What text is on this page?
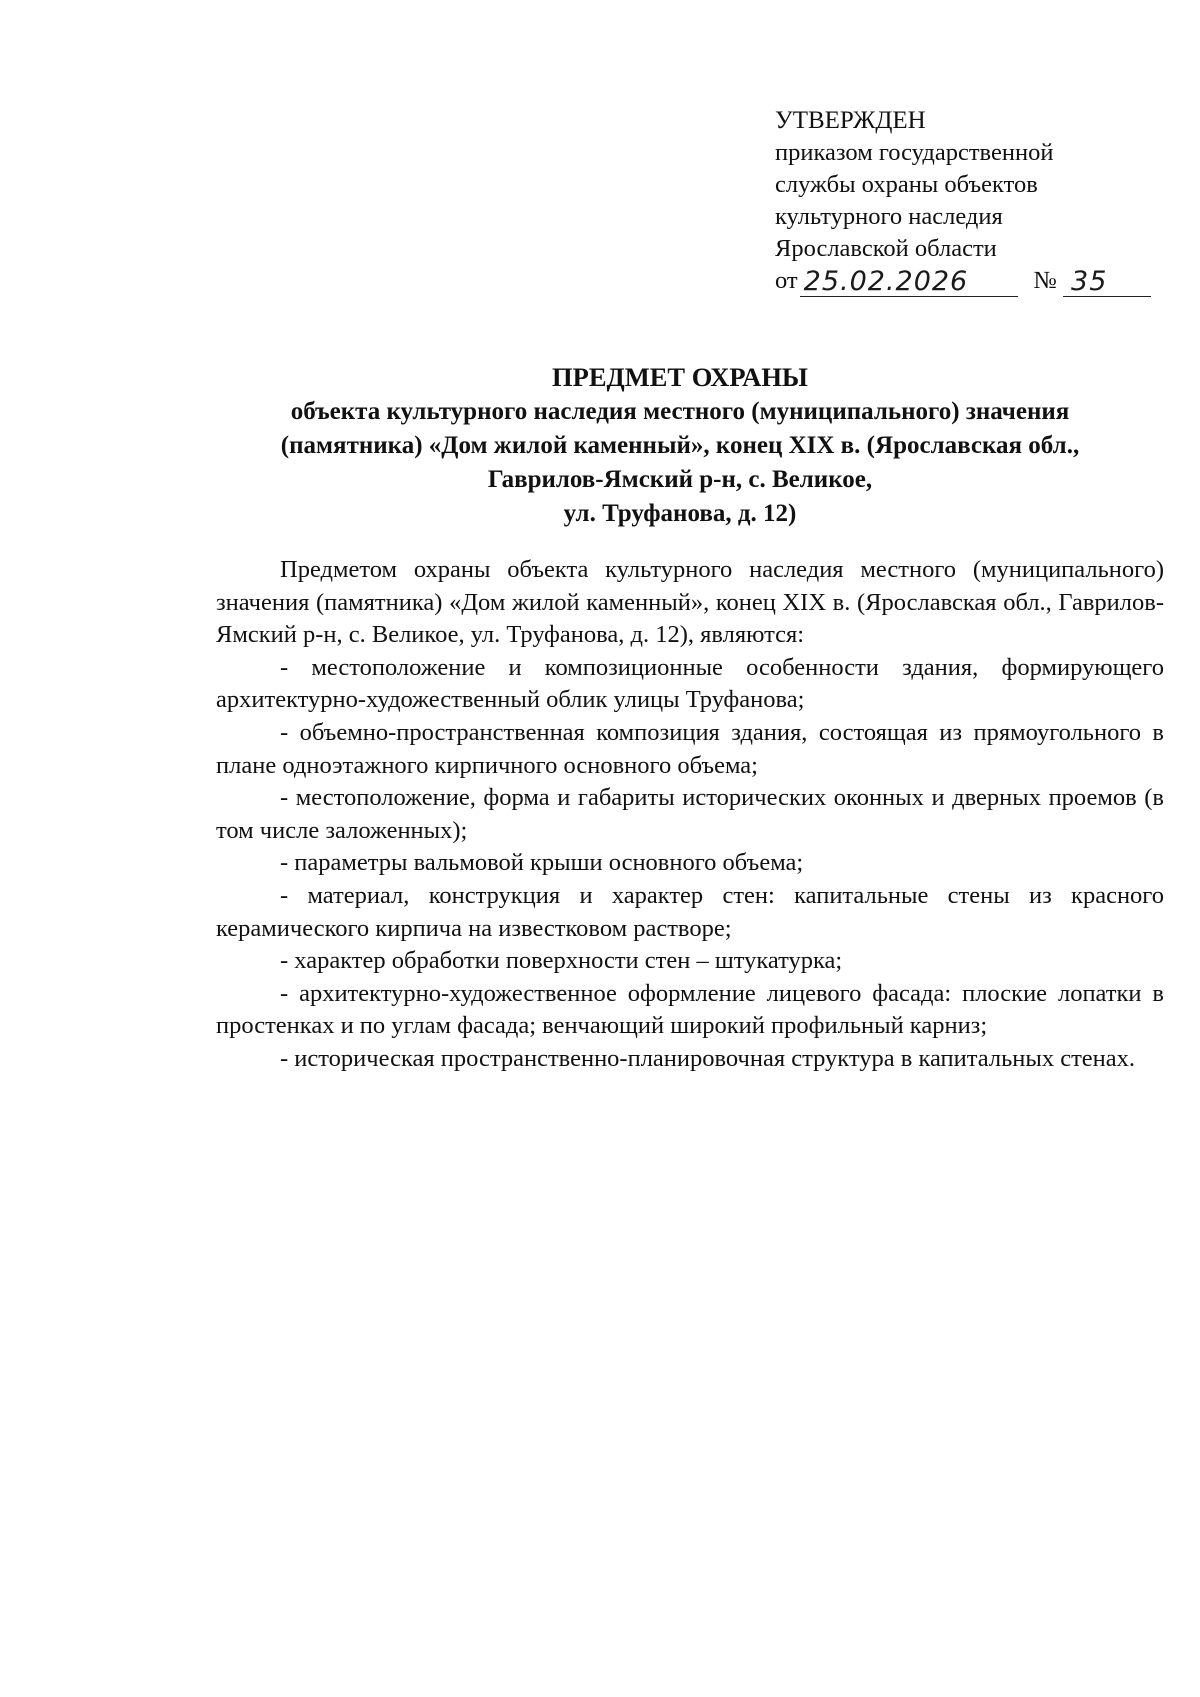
УТВЕРЖДЕН
приказом государственной
службы охраны объектов
культурного наследия
Ярославской области
от 25.02.2026	№ 35
ПРЕДМЕТ ОХРАНЫ
объекта культурного наследия местного (муниципального) значения
(памятника) «Дом жилой каменный», конец XIX в. (Ярославская обл.,
Гаврилов-Ямский р-н, с. Великое,
ул. Труфанова, д. 12)

Предметом охраны объекта культурного наследия местного (муниципального) значения (памятника) «Дом жилой каменный», конец XIX в. (Ярославская обл., Гаврилов-Ямский р-н, с. Великое, ул. Труфанова, д. 12), являются:

- местоположение и композиционные особенности здания, формирующего архитектурно-художественный облик улицы Труфанова;

- объемно-пространственная композиция здания, состоящая из прямоугольного в плане одноэтажного кирпичного основного объема;

- местоположение, форма и габариты исторических оконных и дверных проемов (в том числе заложенных);

- параметры вальмовой крыши основного объема;

- материал, конструкция и характер стен: капитальные стены из красного керамического кирпича на известковом растворе;

- характер обработки поверхности стен – штукатурка;

- архитектурно-художественное оформление лицевого фасада: плоские лопатки в простенках и по углам фасада; венчающий широкий профильный карниз;

- историческая пространственно-планировочная структура в капитальных стенах.
